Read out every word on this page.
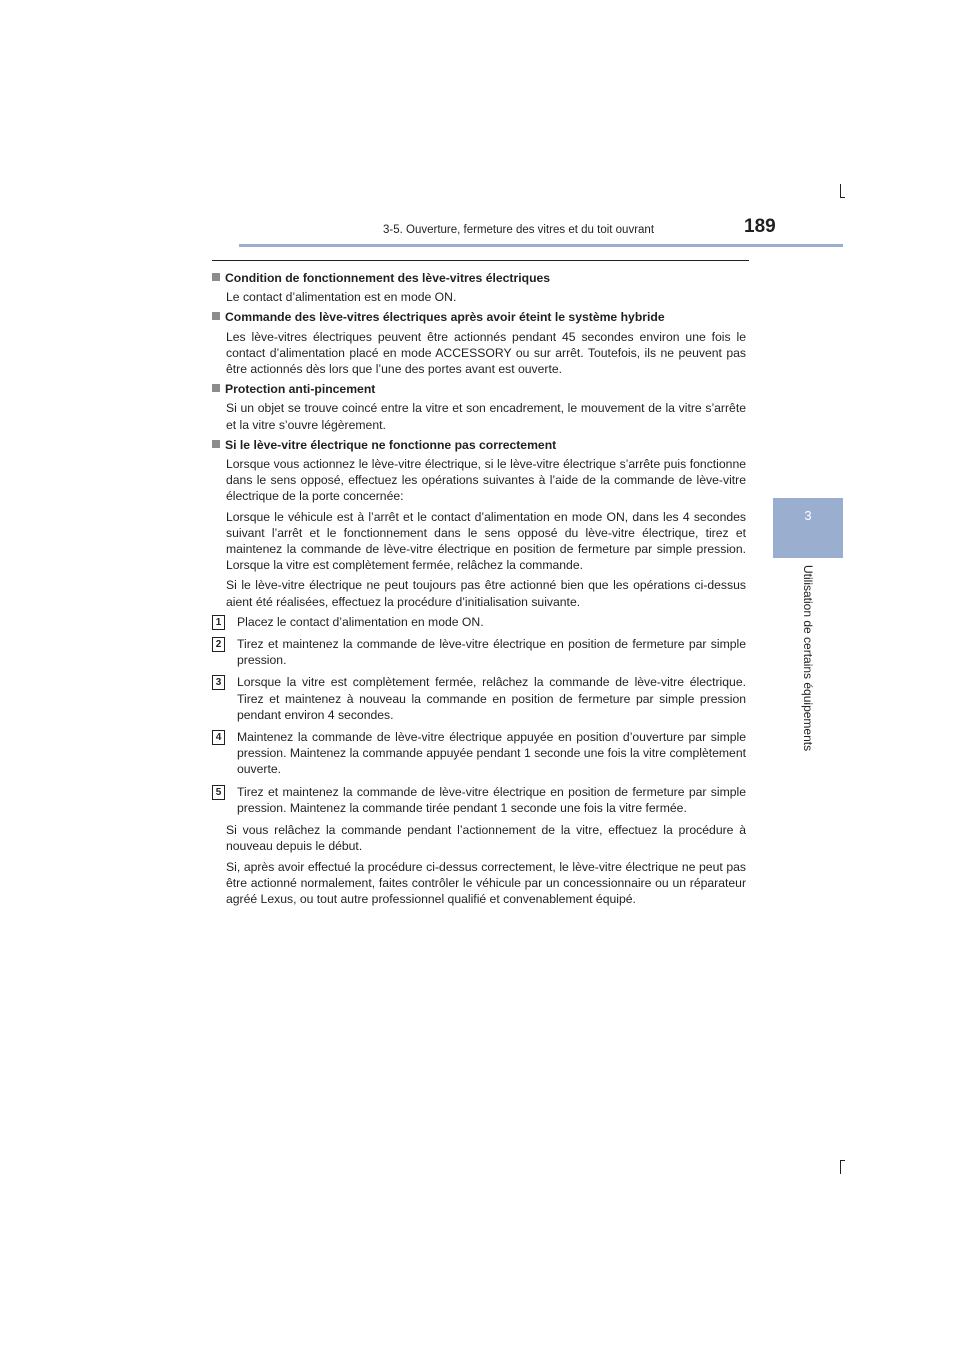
3-5. Ouverture, fermeture des vitres et du toit ouvrant	189
3
Utilisation de certains équipements
Condition de fonctionnement des lève-vitres électriques
Le contact d’alimentation est en mode ON.
Commande des lève-vitres électriques après avoir éteint le système hybride
Les lève-vitres électriques peuvent être actionnés pendant 45 secondes environ une fois le contact d’alimentation placé en mode ACCESSORY ou sur arrêt. Toutefois, ils ne peuvent pas être actionnés dès lors que l’une des portes avant est ouverte.
Protection anti-pincement
Si un objet se trouve coincé entre la vitre et son encadrement, le mouvement de la vitre s’arrête et la vitre s’ouvre légèrement.
Si le lève-vitre électrique ne fonctionne pas correctement
Lorsque vous actionnez le lève-vitre électrique, si le lève-vitre électrique s’arrête puis fonctionne dans le sens opposé, effectuez les opérations suivantes à l’aide de la commande de lève-vitre électrique de la porte concernée:
Lorsque le véhicule est à l’arrêt et le contact d’alimentation en mode ON, dans les 4 secondes suivant l’arrêt et le fonctionnement dans le sens opposé du lève-vitre électrique, tirez et maintenez la commande de lève-vitre électrique en position de fermeture par simple pression. Lorsque la vitre est complètement fermée, relâchez la commande.
Si le lève-vitre électrique ne peut toujours pas être actionné bien que les opérations ci-dessus aient été réalisées, effectuez la procédure d’initialisation suivante.
1	Placez le contact d’alimentation en mode ON.
2	Tirez et maintenez la commande de lève-vitre électrique en position de fermeture par simple pression.
3	Lorsque la vitre est complètement fermée, relâchez la commande de lève-vitre électrique. Tirez et maintenez à nouveau la commande en position de fermeture par simple pression pendant environ 4 secondes.
4	Maintenez la commande de lève-vitre électrique appuyée en position d’ouverture par simple pression. Maintenez la commande appuyée pendant 1 seconde une fois la vitre complètement ouverte.
5	Tirez et maintenez la commande de lève-vitre électrique en position de fermeture par simple pression. Maintenez la commande tirée pendant 1 seconde une fois la vitre fermée.
Si vous relâchez la commande pendant l’actionnement de la vitre, effectuez la procédure à nouveau depuis le début.
Si, après avoir effectué la procédure ci-dessus correctement, le lève-vitre électrique ne peut pas être actionné normalement, faites contrôler le véhicule par un concessionnaire ou un réparateur agréé Lexus, ou tout autre professionnel qualifié et convenablement équipé.
